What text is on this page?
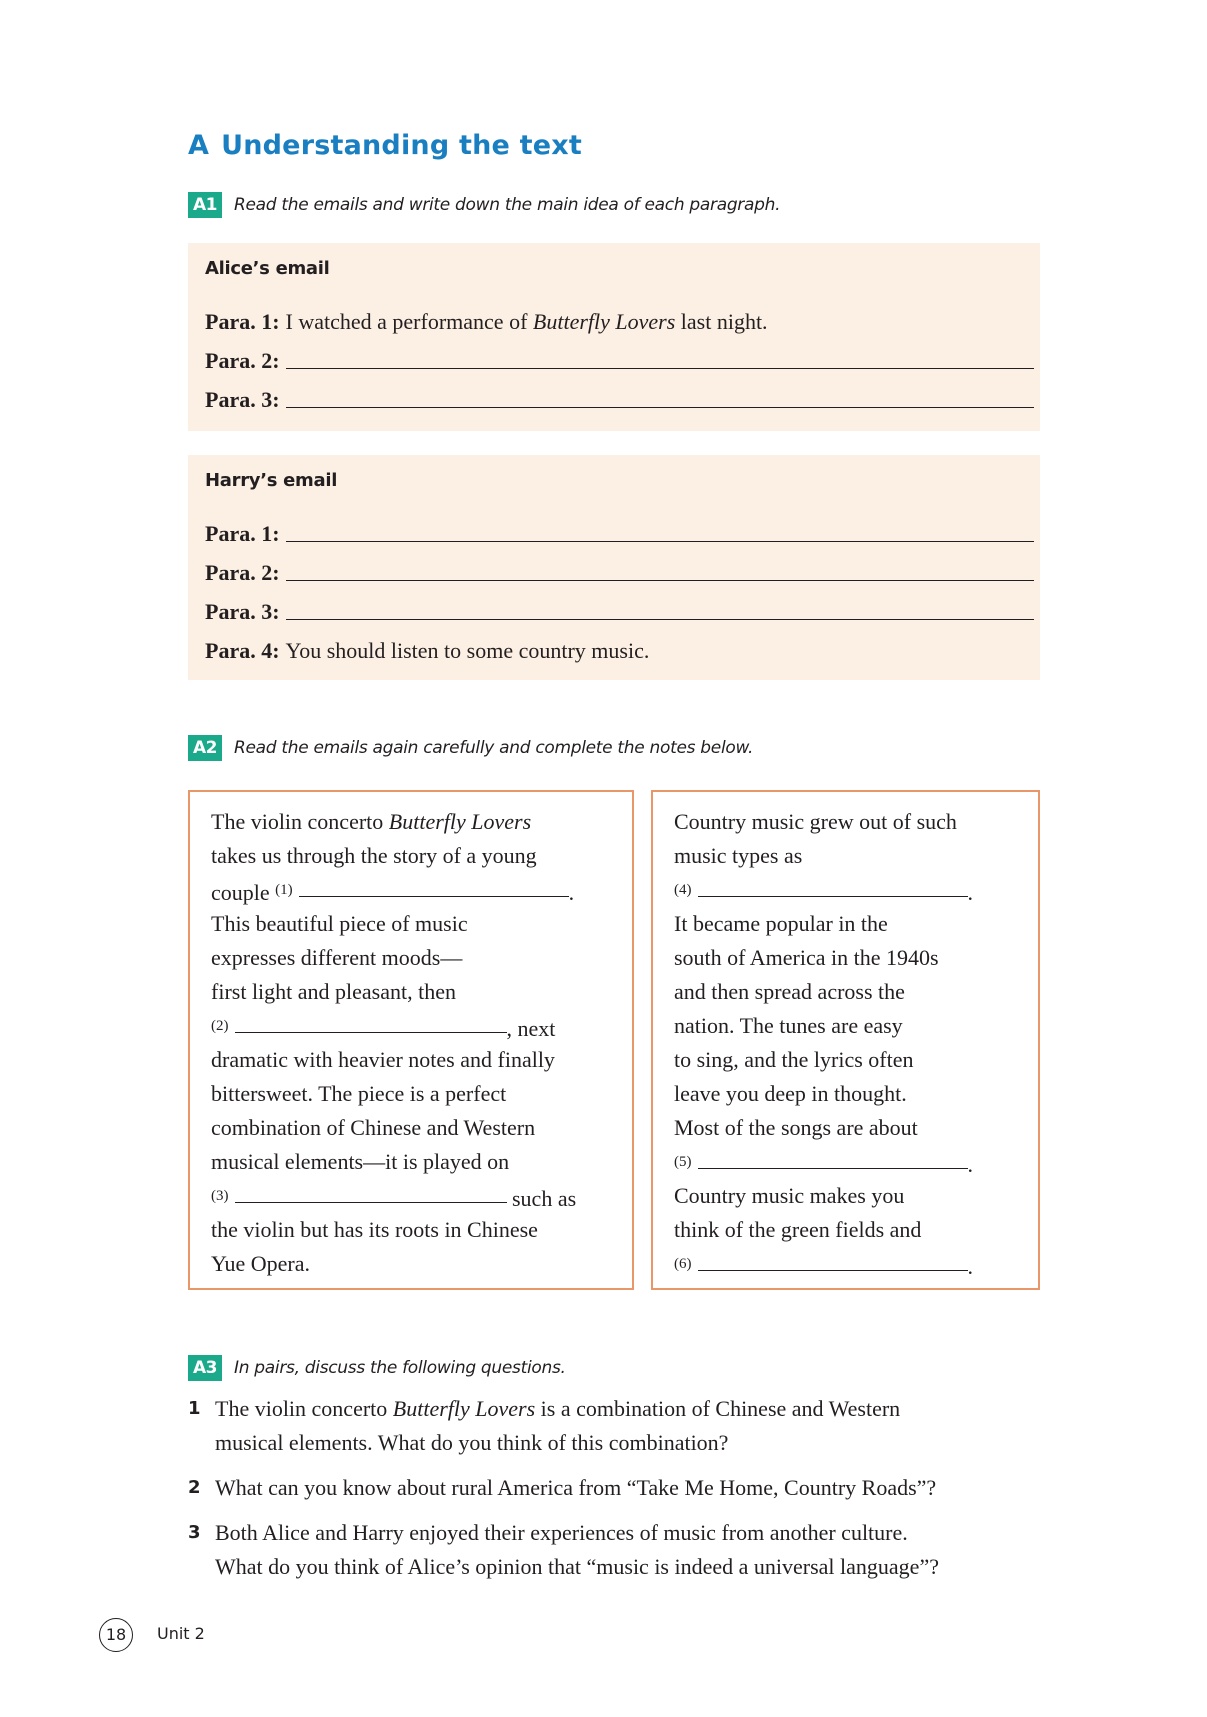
A Understanding the text
A1 Read the emails and write down the main idea of each paragraph.
Alice’s email
Para. 1: I watched a performance of Butterfly Lovers last night.
Para. 2:
Para. 3:
Harry’s email
Para. 1:
Para. 2:
Para. 3:
Para. 4: You should listen to some country music.
A2 Read the emails again carefully and complete the notes below.
The violin concerto Butterfly Lovers
takes us through the story of a young
couple $^{(1)}$	.
This beautiful piece of music
expresses different moods—
first light and pleasant, then
$^{(2)}$	, next
dramatic with heavier notes and finally
bittersweet. The piece is a perfect
combination of Chinese and Western
musical elements—it is played on
$^{(3)}$	such as
the violin but has its roots in Chinese
Yue Opera.
Country music grew out of such
music types as
$^{(4)}$	.
It became popular in the
south of America in the 1940s
and then spread across the
nation. The tunes are easy
to sing, and the lyrics often
leave you deep in thought.
Most of the songs are about
$^{(5)}$	.
Country music makes you
think of the green fields and
$^{(6)}$	.
A3 In pairs, discuss the following questions.
1 The violin concerto Butterfly Lovers is a combination of Chinese and Western
musical elements. What do you think of this combination?
2 What can you know about rural America from “Take Me Home, Country Roads”?
3 Both Alice and Harry enjoyed their experiences of music from another culture.
What do you think of Alice’s opinion that “music is indeed a universal language”?
18	Unit 2
